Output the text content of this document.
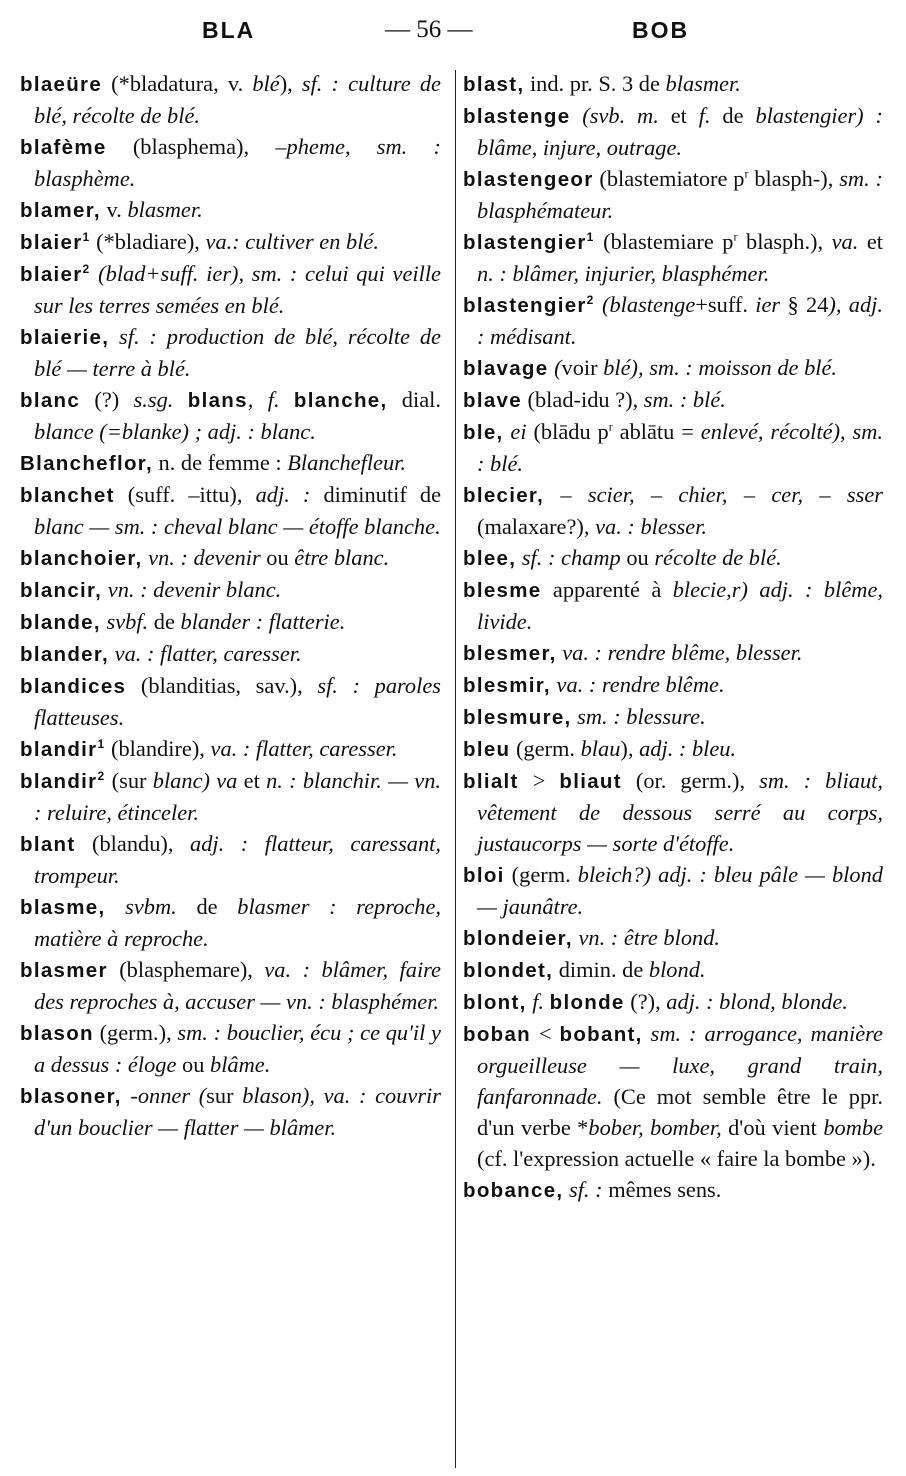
BLA	— 56 —	BOB
blaeüre (*bladatura, v. blé), sf. : culture de blé, récolte de blé.
blafème (blasphema), –pheme, sm. : blasphème.
blamer, v. blasmer.
blaier$^1$ (*bladiare), va.: cultiver en blé.
blaier$^2$ (blad+suff. ier), sm. : celui qui veille sur les terres semées en blé.
blaierie, sf. : production de blé, récolte de blé — terre à blé.
blanc (?) s.sg. blans, f. blanche, dial. blance (=blanke) ; adj. : blanc.
Blancheflor, n. de femme : Blanchefleur.
blanchet (suff. –ittu), adj. : diminutif de blanc — sm. : cheval blanc — étoffe blanche.
blanchoier, vn. : devenir ou être blanc.
blancir, vn. : devenir blanc.
blande, svbf. de blander : flatterie.
blander, va. : flatter, caresser.
blandices (blanditias, sav.), sf. : paroles flatteuses.
blandir$^1$ (blandire), va. : flatter, caresser.
blandir$^2$ (sur blanc) va et n. : blanchir. — vn. : reluire, étinceler.
blant (blandu), adj. : flatteur, caressant, trompeur.
blasme, svbm. de blasmer : reproche, matière à reproche.
blasmer (blasphemare), va. : blâmer, faire des reproches à, accuser — vn. : blasphémer.
blason (germ.), sm. : bouclier, écu ; ce qu'il y a dessus : éloge ou blâme.
blasoner, -onner (sur blason), va. : couvrir d'un bouclier — flatter — blâmer.
blast, ind. pr. S. 3 de blasmer.
blastenge (svb. m. et f. de blastengier) : blâme, injure, outrage.
blastengeor (blastemiatore $p^r$ blasph-), sm. : blasphémateur.
blastengier$^1$ (blastemiare $p^r$ blasph.), va. et n. : blâmer, injurier, blasphémer.
blastengier$^2$ (blastenge+suff. ier § 24), adj. : médisant.
blavage (voir blé), sm. : moisson de blé.
blave (blad-idu ?), sm. : blé.
ble, ei (blādu $p^r$ ablātu = enlevé, récolté), sm. : blé.
blecier, – scier, – chier, – cer, – sser (malaxare?), va. : blesser.
blee, sf. : champ ou récolte de blé.
blesme apparenté à blecie,r) adj. : blême, livide.
blesmer, va. : rendre blême, blesser.
blesmir, va. : rendre blême.
blesmure, sm. : blessure.
bleu (germ. blau), adj. : bleu.
blialt > bliaut (or. germ.), sm. : bliaut, vêtement de dessous serré au corps, justaucorps — sorte d'étoffe.
bloi (germ. bleich?) adj. : bleu pâle — blond — jaunâtre.
blondeier, vn. : être blond.
blondet, dimin. de blond.
blont, f. blonde (?), adj. : blond, blonde.
boban < bobant, sm. : arrogance, manière orgueilleuse — luxe, grand train, fanfaronnade. (Ce mot semble être le ppr. d'un verbe *bober, bomber, d'où vient bombe (cf. l'expression actuelle « faire la bombe »).
bobance, sf. : mêmes sens.
